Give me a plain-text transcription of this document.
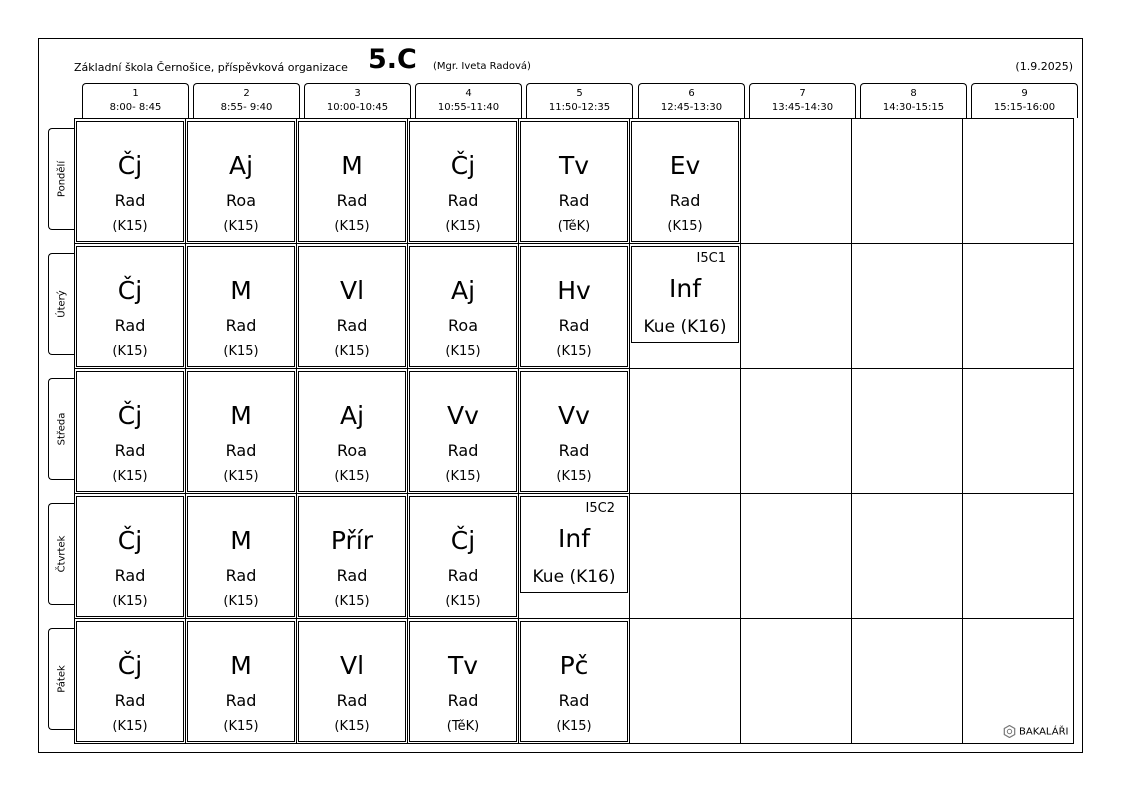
Základní škola Černošice, příspěvková organizace 5.C (Mgr. Iveta Radová)	(1.9.2025)
1
8:00- 8:45
2
8:55- 9:40
3
10:00-10:45
4
10:55-11:40
5
11:50-12:35
6
12:45-13:30
7
13:45-14:30
8
14:30-15:15
9
15:15-16:00
Pondělí
Úterý
Středa
Čtvrtek
Pátek
Čj
Rad
(K15)
Aj
Roa
(K15)
M
Rad
(K15)
Čj
Rad
(K15)
Tv
Rad
(TěK)
Ev
Rad
(K15)
Čj
Rad
(K15)
M
Rad
(K15)
Vl
Rad
(K15)
Aj
Roa
(K15)
Hv
Rad
(K15)
I5C1
Inf
Kue (K16)
Čj
Rad
(K15)
M
Rad
(K15)
Aj
Roa
(K15)
Vv
Rad
(K15)
Vv
Rad
(K15)
Čj
Rad
(K15)
M
Rad
(K15)
Přír
Rad
(K15)
Čj
Rad
(K15)
I5C2
Inf
Kue (K16)
Čj
Rad
(K15)
M
Rad
(K15)
Vl
Rad
(K15)
Tv
Rad
(TěK)
Pč
Rad
(K15)	BAKALÁŘI
